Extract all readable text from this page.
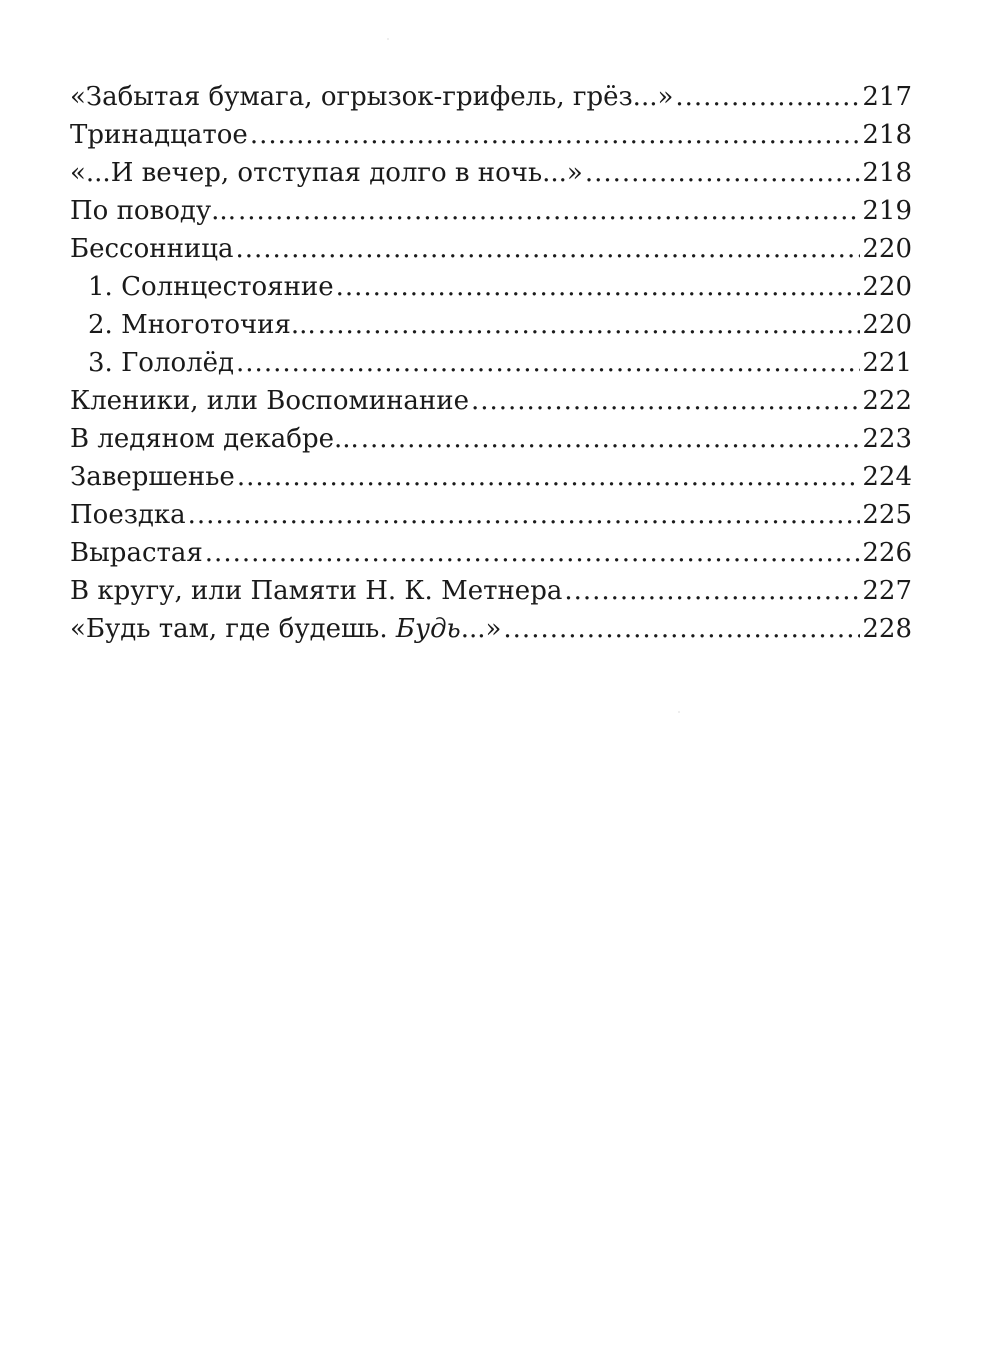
«Забытая бумага, огрызок-грифель, грёз...» .....	217
Тринадцатое .....	218
«...И вечер, отступая долго в ночь...» .....	218
По поводу... .....	219
Бессонница .....	220
1. Солнцестояние .....	220
2. Многоточия... .....	220
3. Гололёд .....	221
Кленики, или Воспоминание .....	222
В ледяном декабре... .....	223
Завершенье .....	224
Поездка .....	225
Вырастая .....	226
В кругу, или Памяти Н. К. Метнера .....	227
«Будь там, где будешь. Будь...» .....	228
